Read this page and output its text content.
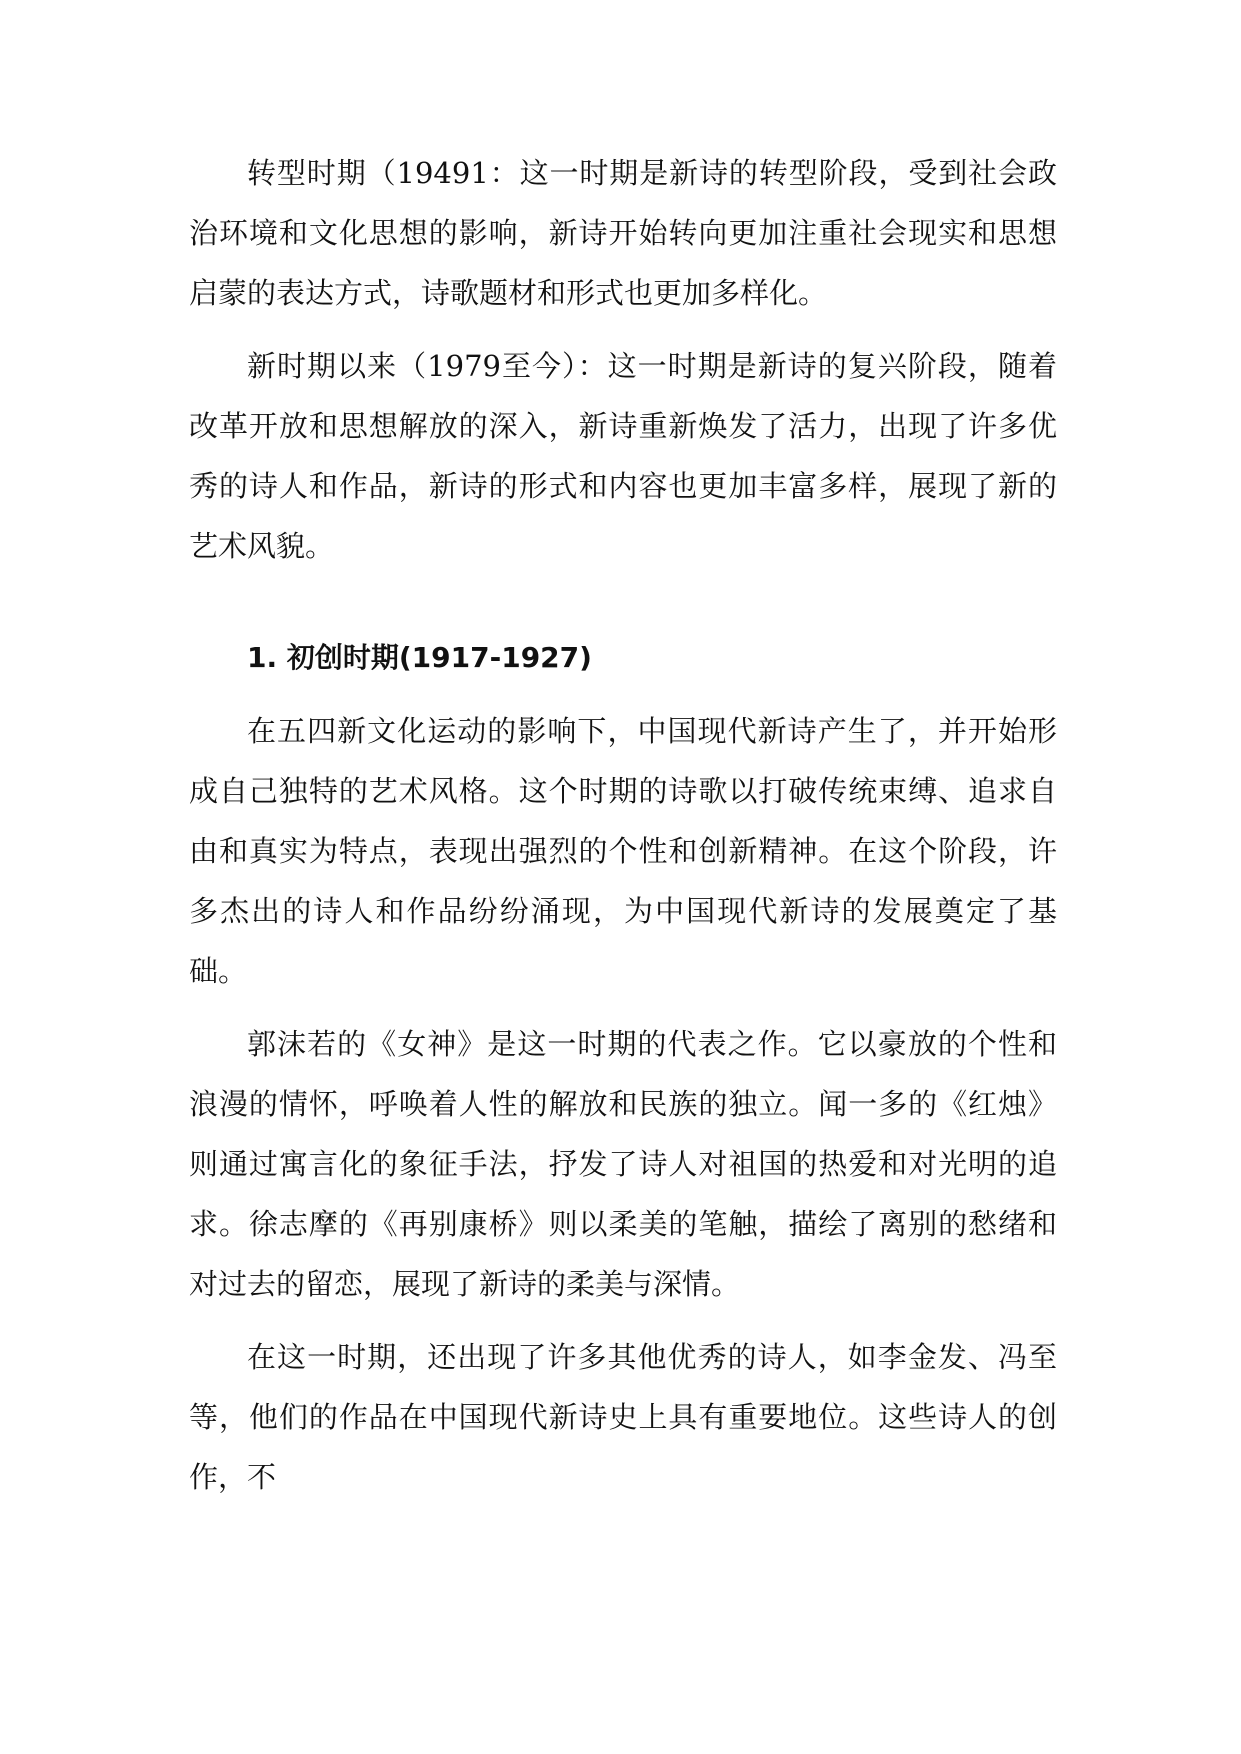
转型时期（19491：这一时期是新诗的转型阶段，受到社会政治环境和文化思想的影响，新诗开始转向更加注重社会现实和思想启蒙的表达方式，诗歌题材和形式也更加多样化。

新时期以来（1979至今）：这一时期是新诗的复兴阶段，随着改革开放和思想解放的深入，新诗重新焕发了活力，出现了许多优秀的诗人和作品，新诗的形式和内容也更加丰富多样，展现了新的艺术风貌。

1. 初创时期(1917-1927)

在五四新文化运动的影响下，中国现代新诗产生了，并开始形成自己独特的艺术风格。这个时期的诗歌以打破传统束缚、追求自由和真实为特点，表现出强烈的个性和创新精神。在这个阶段，许多杰出的诗人和作品纷纷涌现，为中国现代新诗的发展奠定了基础。

郭沫若的《女神》是这一时期的代表之作。它以豪放的个性和浪漫的情怀，呼唤着人性的解放和民族的独立。闻一多的《红烛》则通过寓言化的象征手法，抒发了诗人对祖国的热爱和对光明的追求。徐志摩的《再别康桥》则以柔美的笔触，描绘了离别的愁绪和对过去的留恋，展现了新诗的柔美与深情。

在这一时期，还出现了许多其他优秀的诗人，如李金发、冯至等，他们的作品在中国现代新诗史上具有重要地位。这些诗人的创作，不
